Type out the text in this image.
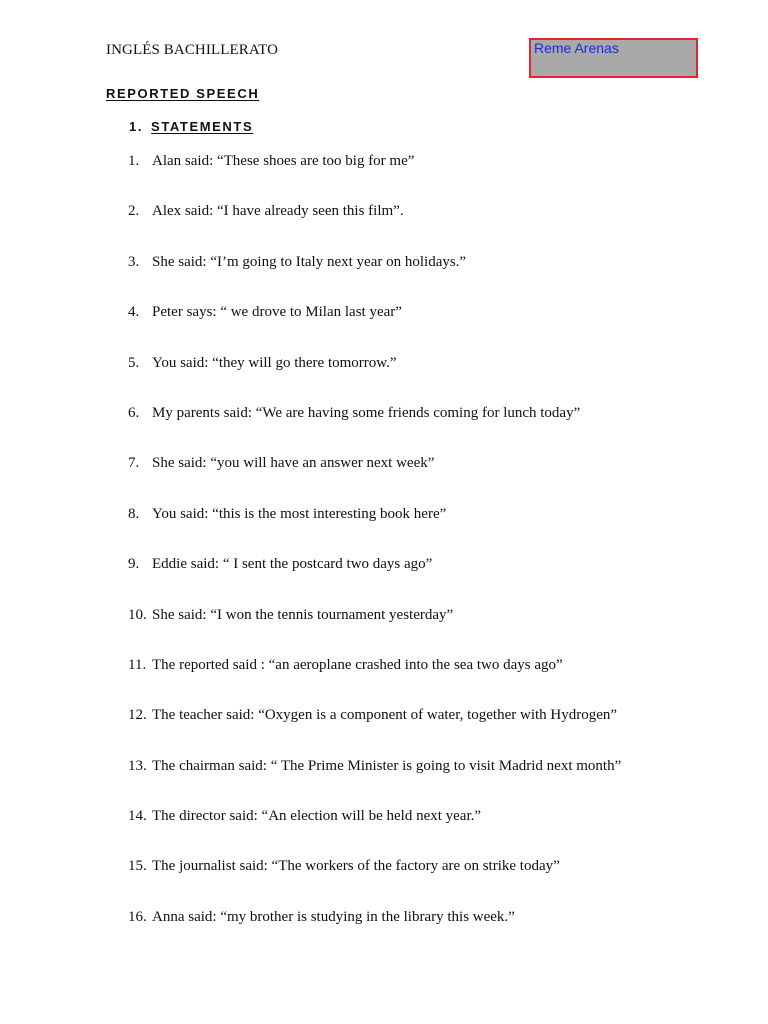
INGLÉS BACHILLERATO	Reme Arenas
REPORTED SPEECH
1. STATEMENTS
1. Alan said: “These shoes are too big for me”
2. Alex said: “I have already seen this film”.
3. She said: “I’m going to Italy next year on holidays.”
4. Peter says: “ we drove to Milan last year”
5. You said: “they will go there tomorrow.”
6. My parents said: “We are having some friends coming for lunch today”
7. She said: “you will have an answer next week”
8. You said: “this is the most interesting book here”
9. Eddie said: “ I sent the postcard two days ago”
10. She said: “I won the tennis tournament yesterday”
11. The reported said : “an aeroplane crashed into the sea two days ago”
12. The teacher said: “Oxygen is a component of water, together with Hydrogen”
13. The chairman said: “ The Prime Minister is going to visit Madrid next month”
14. The director said: “An election will be held next year.”
15. The journalist said: “The workers of the factory are on strike today”
16. Anna said: “my brother is studying in the library this week.”
